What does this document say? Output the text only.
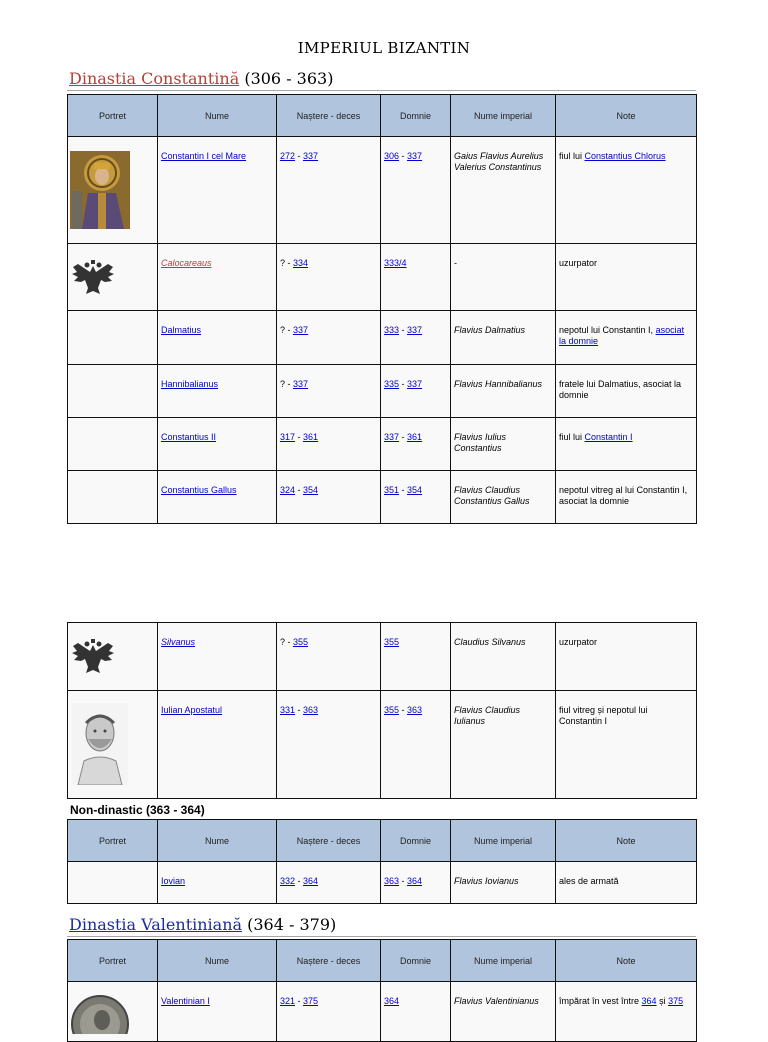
IMPERIUL BIZANTIN
Dinastia Constantină (306 - 363)
Portret	Nume	Naștere - deces	Domnie	Nume imperial	Note

Constantin I cel Mare	272 - 337	306 - 337	Gaius Flavius Aurelius Valerius Constantinus	fiul lui Constantius Chlorus

Calocareaus	? - 334	333/4	-	uzurpator

	Dalmatius	? - 337	333 - 337	Flavius Dalmatius	nepotul lui Constantin I, asociat la domnie

	Hannibalianus	? - 337	335 - 337	Flavius Hannibalianus	fratele lui Dalmatius, asociat la domnie

	Constantius II	317 - 361	337 - 361	Flavius Iulius Constantius	fiul lui Constantin I

	Constantius Gallus	324 - 354	351 - 354	Flavius Claudius Constantius Gallus	nepotul vitreg al lui Constantin I, asociat la domnie

Silvanus	? - 355	355	Claudius Silvanus	uzurpator

Iulian Apostatul	331 - 363	355 - 363	Flavius Claudius Iulianus	fiul vitreg și nepotul lui Constantin I
Non-dinastic (363 - 364)
Portret	Nume	Naștere - deces	Domnie	Nume imperial	Note

	Iovian	332 - 364	363 - 364	Flavius Iovianus	ales de armată
Dinastia Valentiniană (364 - 379)
Portret	Nume	Naștere - deces	Domnie	Nume imperial	Note

Valentinian I	321 - 375	364	Flavius Valentinianus	împărat în vest între 364 și 375
